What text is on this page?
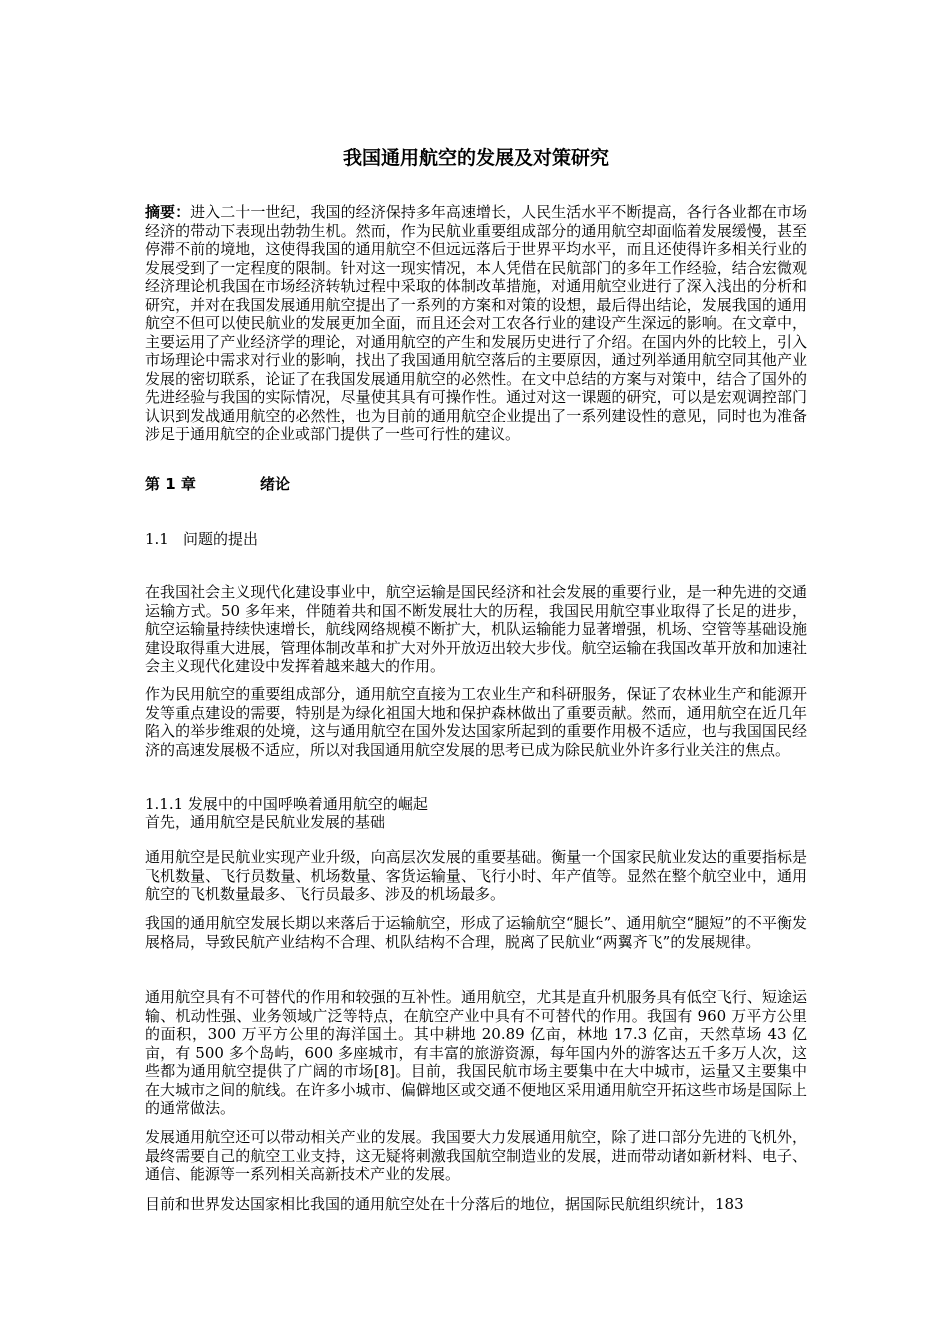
我国通用航空的发展及对策研究

摘要：进入二十一世纪，我国的经济保持多年高速增长，人民生活水平不断提高，各行各业都在市场经济的带动下表现出勃勃生机。然而，作为民航业重要组成部分的通用航空却面临着发展缓慢，甚至停滞不前的境地，这使得我国的通用航空不但远远落后于世界平均水平，而且还使得许多相关行业的发展受到了一定程度的限制。针对这一现实情况，本人凭借在民航部门的多年工作经验，结合宏微观经济理论机我国在市场经济转轨过程中采取的体制改革措施，对通用航空业进行了深入浅出的分析和研究，并对在我国发展通用航空提出了一系列的方案和对策的设想，最后得出结论，发展我国的通用航空不但可以使民航业的发展更加全面，而且还会对工农各行业的建设产生深远的影响。在文章中，主要运用了产业经济学的理论，对通用航空的产生和发展历史进行了介绍。在国内外的比较上，引入市场理论中需求对行业的影响，找出了我国通用航空落后的主要原因，通过列举通用航空同其他产业发展的密切联系，论证了在我国发展通用航空的必然性。在文中总结的方案与对策中，结合了国外的先进经验与我国的实际情况，尽量使其具有可操作性。通过对这一课题的研究，可以是宏观调控部门认识到发战通用航空的必然性，也为目前的通用航空企业提出了一系列建设性的意见，同时也为准备涉足于通用航空的企业或部门提供了一些可行性的建议。

第 1 章	绪论
1.1 问题的提出

在我国社会主义现代化建设事业中，航空运输是国民经济和社会发展的重要行业，是一种先进的交通运输方式。50 多年来，伴随着共和国不断发展壮大的历程，我国民用航空事业取得了长足的进步，航空运输量持续快速增长，航线网络规模不断扩大，机队运输能力显著增强，机场、空管等基础设施建设取得重大进展，管理体制改革和扩大对外开放迈出较大步伐。航空运输在我国改革开放和加速社会主义现代化建设中发挥着越来越大的作用。

作为民用航空的重要组成部分，通用航空直接为工农业生产和科研服务，保证了农林业生产和能源开发等重点建设的需要，特别是为绿化祖国大地和保护森林做出了重要贡献。然而，通用航空在近几年陷入的举步维艰的处境，这与通用航空在国外发达国家所起到的重要作用极不适应，也与我国国民经济的高速发展极不适应，所以对我国通用航空发展的思考已成为除民航业外许多行业关注的焦点。

1.1.1 发展中的中国呼唤着通用航空的崛起
首先，通用航空是民航业发展的基础

通用航空是民航业实现产业升级，向高层次发展的重要基础。衡量一个国家民航业发达的重要指标是飞机数量、飞行员数量、机场数量、客货运输量、飞行小时、年产值等。显然在整个航空业中，通用航空的飞机数量最多、飞行员最多、涉及的机场最多。

我国的通用航空发展长期以来落后于运输航空，形成了运输航空“腿长”、通用航空“腿短”的不平衡发展格局，导致民航产业结构不合理、机队结构不合理，脱离了民航业“两翼齐飞”的发展规律。

通用航空具有不可替代的作用和较强的互补性。通用航空，尤其是直升机服务具有低空飞行、短途运输、机动性强、业务领域广泛等特点，在航空产业中具有不可替代的作用。我国有 960 万平方公里的面积，300 万平方公里的海洋国土。其中耕地 20.89 亿亩，林地 17.3 亿亩，天然草场 43 亿亩，有 500 多个岛屿，600 多座城市，有丰富的旅游资源，每年国内外的游客达五千多万人次，这些都为通用航空提供了广阔的市场[8]。目前，我国民航市场主要集中在大中城市，运量又主要集中在大城市之间的航线。在许多小城市、偏僻地区或交通不便地区采用通用航空开拓这些市场是国际上的通常做法。

发展通用航空还可以带动相关产业的发展。我国要大力发展通用航空，除了进口部分先进的飞机外，最终需要自己的航空工业支持，这无疑将刺激我国航空制造业的发展，进而带动诸如新材料、电子、通信、能源等一系列相关高新技术产业的发展。

目前和世界发达国家相比我国的通用航空处在十分落后的地位，据国际民航组织统计，183
